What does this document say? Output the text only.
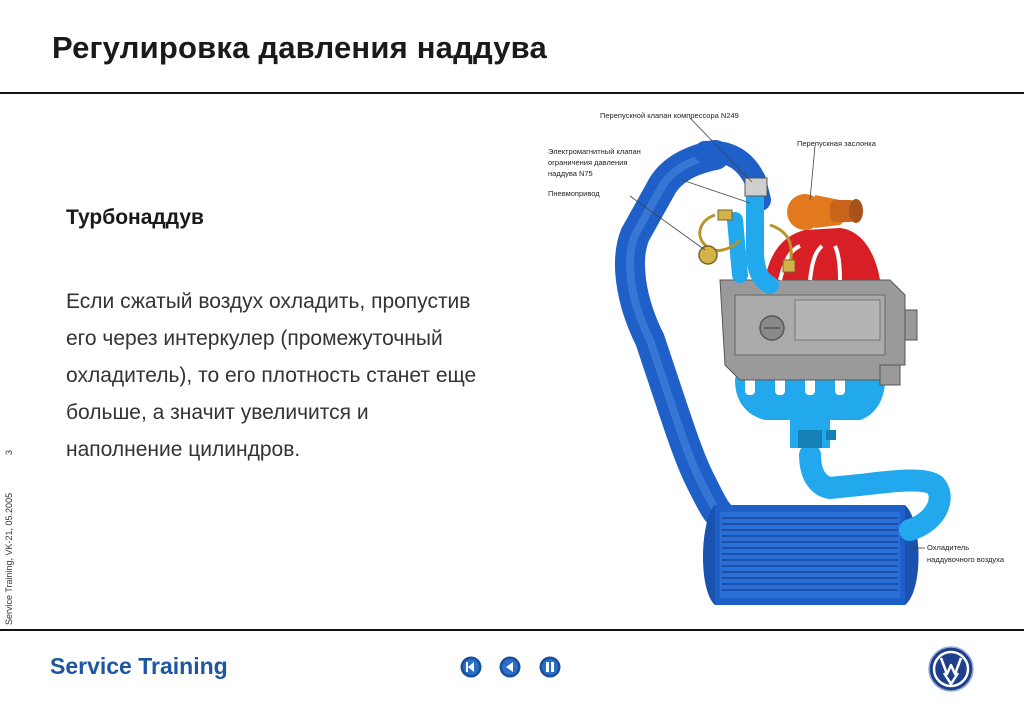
Регулировка давления наддува
3
Service Training, VK-21, 05.2005
Турбонаддув
Если сжатый воздух охладить, пропустив
его через интеркулер (промежуточный
охладитель), то его плотность станет еще
больше, а значит увеличится и
наполнение цилиндров.
Перепускной клапан компрессора N249
Перепускная заслонка
Электромагнитный клапан
ограничения давления
наддува N75
Пневмопривод
Охладитель
наддувочного воздуха
Service Training
